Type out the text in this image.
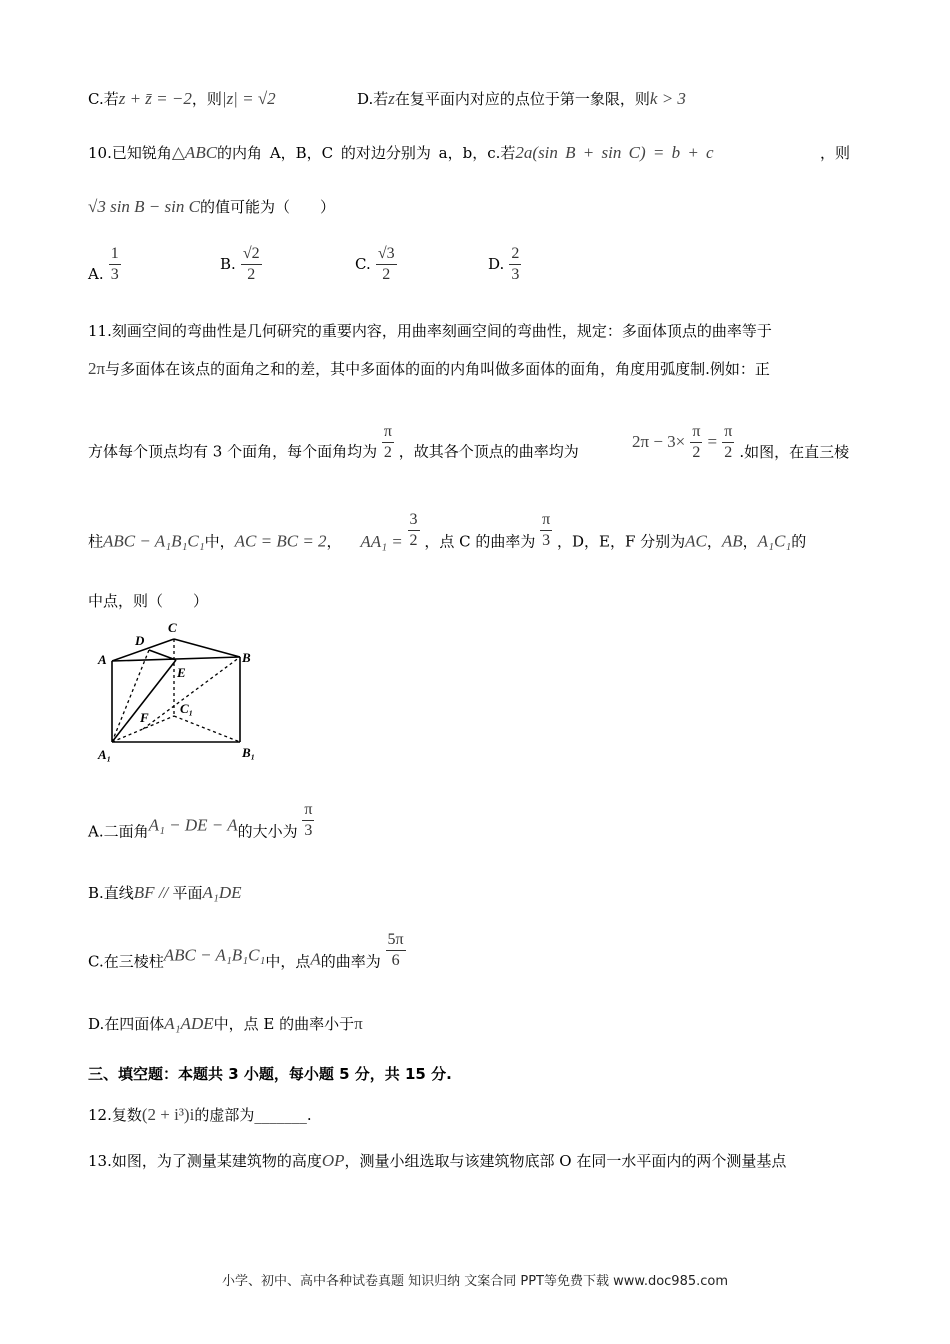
C.若z + z̄ = −2，则|z| = √2	D.若z在复平面内对应的点位于第一象限，则k > 3
10.已知锐角△ABC的内角 A，B，C 的对边分别为 a，b，c.若2a(sin B + sin C) = b + c	，则
√3 sin B − sin C的值可能为（　　）
A. $\frac{1}{3}$	B. $\frac{√2}{2}$	C. $\frac{√3}{2}$	D. $\frac{2}{3}$
11.刻画空间的弯曲性是几何研究的重要内容，用曲率刻画空间的弯曲性，规定：多面体顶点的曲率等于
2π与多面体在该点的面角之和的差，其中多面体的面的内角叫做多面体的面角，角度用弧度制.例如：正
方体每个顶点均有 3 个面角，每个面角均为 $\frac{\pi}{2}$ ，故其各个顶点的曲率均为
$2\pi - 3\times \frac{\pi}{2} = \frac{\pi}{2}$ .如图，在直三棱
柱ABC − A₁B₁C₁中，AC = BC = 2， $AA_1 = \frac{3}{2}$ ，点 C 的曲率为 $\frac{\pi}{3}$ ，D，E，F 分别为AC，AB，A₁C₁的
中点，则（　　）
D
C
A	B
E
C₁
F
A₁	B₁
A.二面角A₁ − DE − A的大小为 $\frac{\pi}{3}$
B.直线BF // 平面A₁DE
C.在三棱柱ABC − A₁B₁C₁中，点A的曲率为 $\frac{5\pi}{6}$
D.在四面体A₁ADE中，点 E 的曲率小于π
三、填空题：本题共 3 小题，每小题 5 分，共 15 分.
12.复数(2 + i³)i的虚部为_______.
13.如图，为了测量某建筑物的高度OP，测量小组选取与该建筑物底部 O 在同一水平面内的两个测量基点
小学、初中、高中各种试卷真题 知识归纳 文案合同 PPT等免费下载 www.doc985.com
